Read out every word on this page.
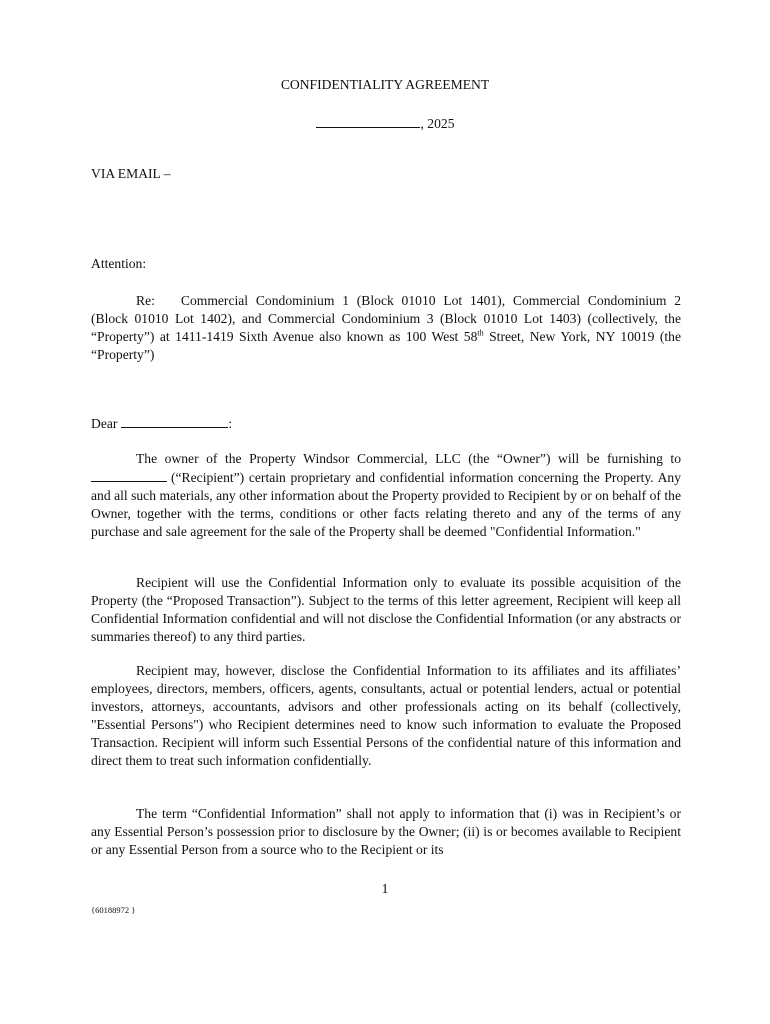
CONFIDENTIALITY AGREEMENT
, 2025
VIA EMAIL –
Attention:
Re: Commercial Condominium 1 (Block 01010 Lot 1401), Commercial Condominium 2 (Block 01010 Lot 1402), and Commercial Condominium 3 (Block 01010 Lot 1403) (collectively, the “Property”) at 1411-1419 Sixth Avenue also known as 100 West 58th Street, New York, NY 10019 (the “Property”)
Dear	:
The owner of the Property Windsor Commercial, LLC (the “Owner”) will be furnishing to (“Recipient”) certain proprietary and confidential information concerning the Property. Any and all such materials, any other information about the Property provided to Recipient by or on behalf of the Owner, together with the terms, conditions or other facts relating thereto and any of the terms of any purchase and sale agreement for the sale of the Property shall be deemed "Confidential Information."
Recipient will use the Confidential Information only to evaluate its possible acquisition of the Property (the “Proposed Transaction”). Subject to the terms of this letter agreement, Recipient will keep all Confidential Information confidential and will not disclose the Confidential Information (or any abstracts or summaries thereof) to any third parties.
Recipient may, however, disclose the Confidential Information to its affiliates and its affiliates’ employees, directors, members, officers, agents, consultants, actual or potential lenders, actual or potential investors, attorneys, accountants, advisors and other professionals acting on its behalf (collectively, "Essential Persons") who Recipient determines need to know such information to evaluate the Proposed Transaction. Recipient will inform such Essential Persons of the confidential nature of this information and direct them to treat such information confidentially.
The term “Confidential Information” shall not apply to information that (i) was in Recipient’s or any Essential Person’s possession prior to disclosure by the Owner; (ii) is or becomes available to Recipient or any Essential Person from a source who to the Recipient or its
1
{60188972 }
